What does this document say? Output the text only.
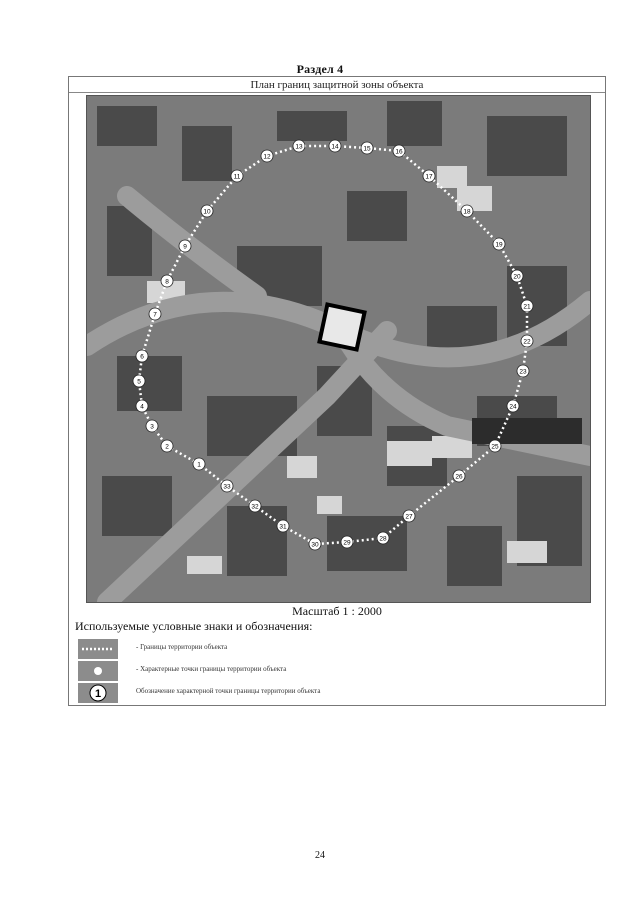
Раздел 4
План границ защитной зоны объекта
1
2
3
4
5
6
7
8
9
10
11
12
13	14	15	16
17
18
19
20
21
22
23
24
25
26
27
28
29
30
31
32
33
Масштаб 1 : 2000
Используемые условные знаки и обозначения:
- Границы территории объекта
- Характерные точки границы территории объекта
1	Обозначение характерной точки границы территории объекта
24
